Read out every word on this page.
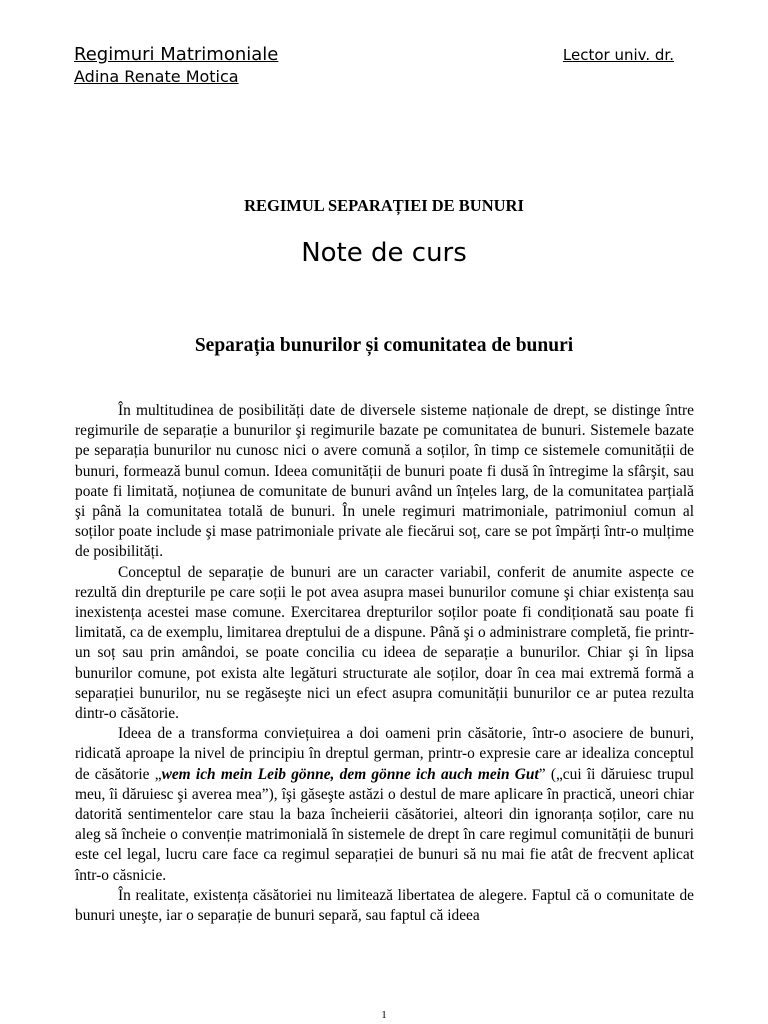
Regimuri Matrimoniale	Lector univ. dr.
Adina Renate Motica
REGIMUL SEPARAȚIEI DE BUNURI
Note de curs
Separația bunurilor și comunitatea de bunuri

În multitudinea de posibilități date de diversele sisteme naționale de drept, se distinge între regimurile de separație a bunurilor şi regimurile bazate pe comunitatea de bunuri. Sistemele bazate pe separația bunurilor nu cunosc nici o avere comună a soților, în timp ce sistemele comunității de bunuri, formează bunul comun. Ideea comunității de bunuri poate fi dusă în întregime la sfârşit, sau poate fi limitată, noțiunea de comunitate de bunuri având un înțeles larg, de la comunitatea parțială şi până la comunitatea totală de bunuri. În unele regimuri matrimoniale, patrimoniul comun al soților poate include şi mase patrimoniale private ale fiecărui soț, care se pot împărți într-o mulțime de posibilități.

Conceptul de separație de bunuri are un caracter variabil, conferit de anumite aspecte ce rezultă din drepturile pe care soții le pot avea asupra masei bunurilor comune şi chiar existența sau inexistența acestei mase comune. Exercitarea drepturilor soților poate fi condiționată sau poate fi limitată, ca de exemplu, limitarea dreptului de a dispune. Până şi o administrare completă, fie printr-un soț sau prin amândoi, se poate concilia cu ideea de separație a bunurilor. Chiar şi în lipsa bunurilor comune, pot exista alte legături structurate ale soților, doar în cea mai extremă formă a separației bunurilor, nu se regăseşte nici un efect asupra comunității bunurilor ce ar putea rezulta dintr-o căsătorie.

Ideea de a transforma conviețuirea a doi oameni prin căsătorie, într-o asociere de bunuri, ridicată aproape la nivel de principiu în dreptul german, printr-o expresie care ar idealiza conceptul de căsătorie „wem ich mein Leib gönne, dem gönne ich auch mein Gut” („cui îi dăruiesc trupul meu, îi dăruiesc şi averea mea”), îşi găseşte astăzi o destul de mare aplicare în practică, uneori chiar datorită sentimentelor care stau la baza încheierii căsătoriei, alteori din ignoranța soților, care nu aleg să încheie o convenție matrimonială în sistemele de drept în care regimul comunității de bunuri este cel legal, lucru care face ca regimul separației de bunuri să nu mai fie atât de frecvent aplicat într-o căsnicie.

În realitate, existența căsătoriei nu limitează libertatea de alegere. Faptul că o comunitate de bunuri uneşte, iar o separație de bunuri separă, sau faptul că ideea

1
